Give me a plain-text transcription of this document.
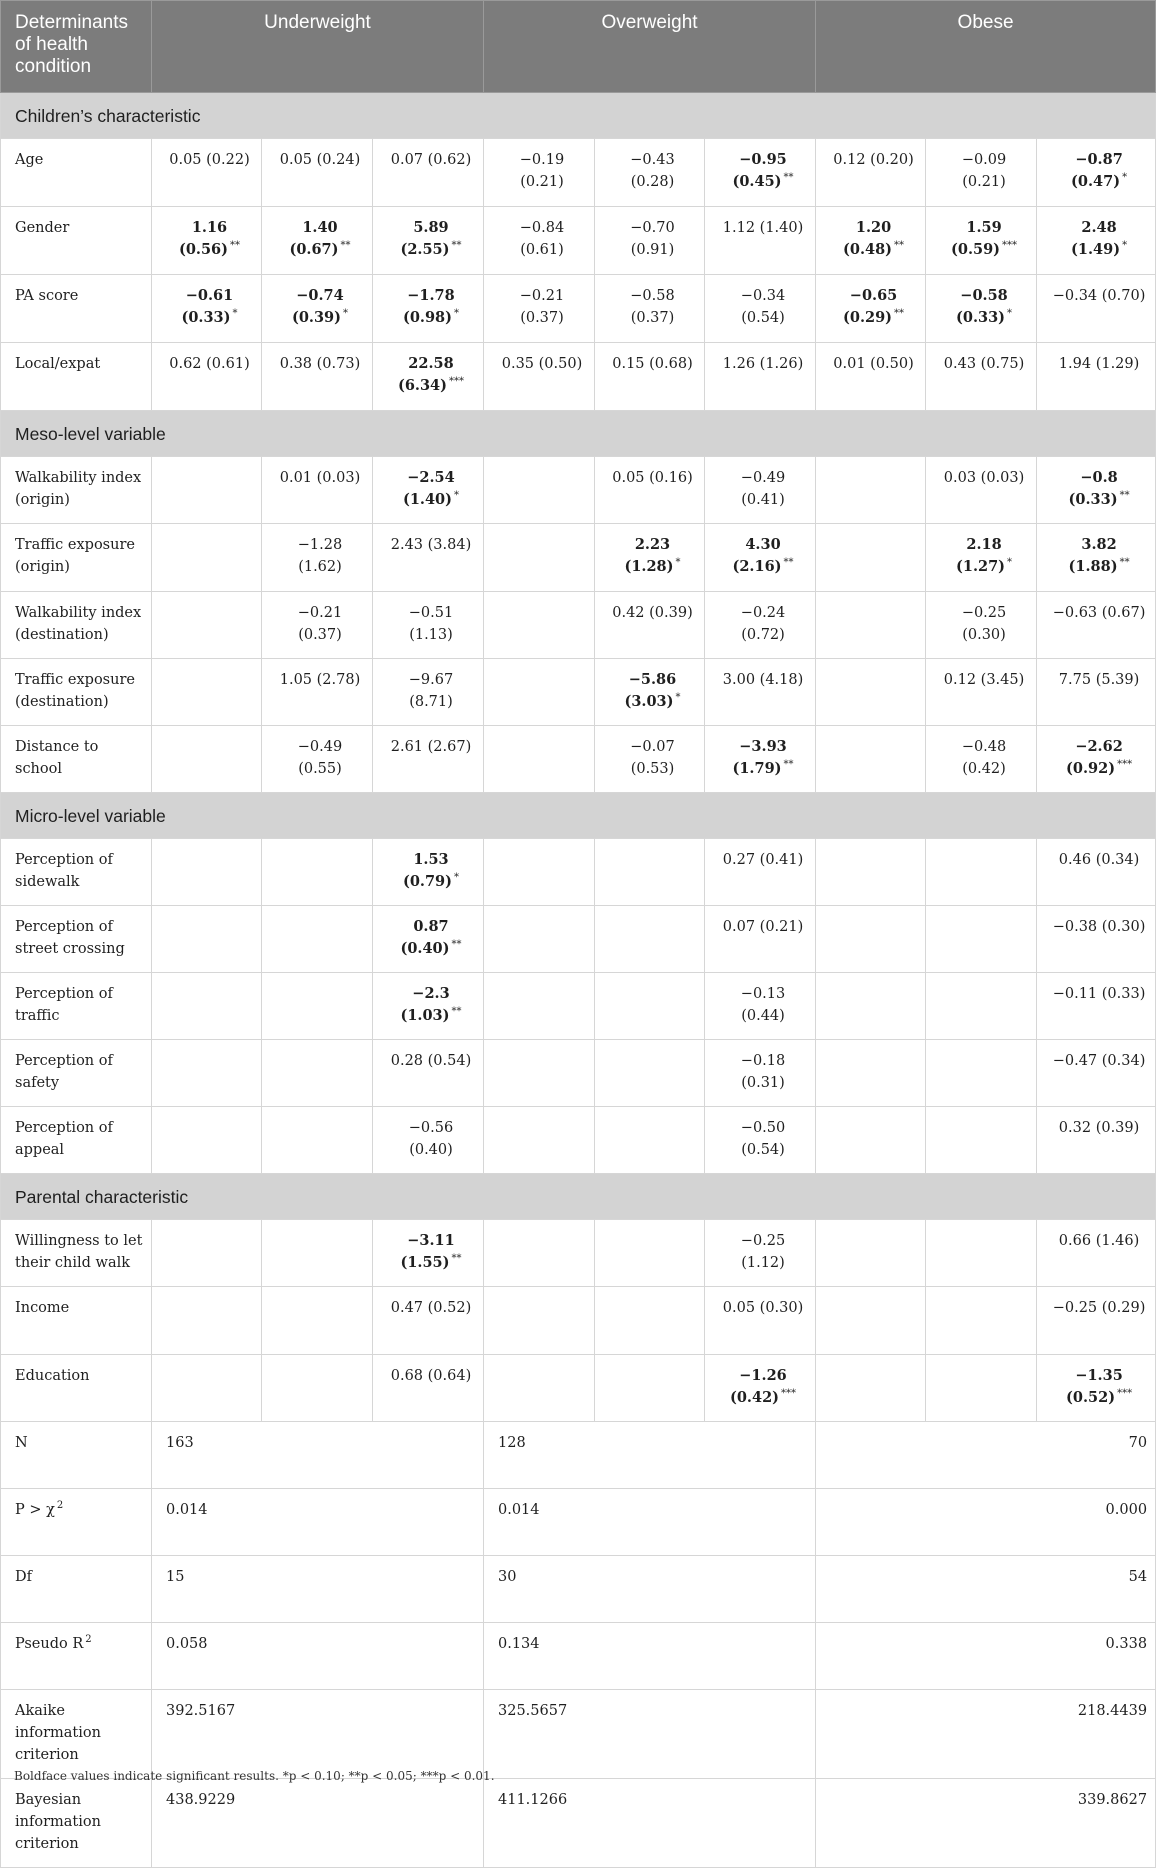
Determinants of health condition	Underweight			Overweight			Obese		
Children’s characteristic									
Age	0.05 (0.22)	0.05 (0.24)	0.07 (0.62)	−0.19 (0.21)	−0.43 (0.28)	−0.95 (0.45) **	0.12 (0.20)	−0.09 (0.21)	−0.87 (0.47) *
Gender	1.16 (0.56) **	1.40 (0.67) **	5.89 (2.55) **	−0.84 (0.61)	−0.70 (0.91)	1.12 (1.40)	1.20 (0.48) **	1.59 (0.59) ***	2.48 (1.49) *
PA score	−0.61 (0.33) *	−0.74 (0.39) *	−1.78 (0.98) *	−0.21 (0.37)	−0.58 (0.37)	−0.34 (0.54)	−0.65 (0.29) **	−0.58 (0.33) *	−0.34 (0.70)
Local/expat	0.62 (0.61)	0.38 (0.73)	22.58 (6.34) ***	0.35 (0.50)	0.15 (0.68)	1.26 (1.26)	0.01 (0.50)	0.43 (0.75)	1.94 (1.29)
Meso-level variable									
Walkability index (origin)		0.01 (0.03)	−2.54 (1.40) *		0.05 (0.16)	−0.49 (0.41)		0.03 (0.03)	−0.8 (0.33) **
Traffic exposure (origin)		−1.28 (1.62)	2.43 (3.84)		2.23 (1.28) *	4.30 (2.16) **		2.18 (1.27) *	3.82 (1.88) **
Walkability index (destination)		−0.21 (0.37)	−0.51 (1.13)		0.42 (0.39)	−0.24 (0.72)		−0.25 (0.30)	−0.63 (0.67)
Traffic exposure (destination)		1.05 (2.78)	−9.67 (8.71)		−5.86 (3.03) *	3.00 (4.18)		0.12 (3.45)	7.75 (5.39)
Distance to school		−0.49 (0.55)	2.61 (2.67)		−0.07 (0.53)	−3.93 (1.79) **		−0.48 (0.42)	−2.62 (0.92) ***
Micro-level variable									
Perception of sidewalk			1.53 (0.79) *			0.27 (0.41)			0.46 (0.34)
Perception of street crossing			0.87 (0.40) **			0.07 (0.21)			−0.38 (0.30)
Perception of traffic			−2.3 (1.03) **			−0.13 (0.44)			−0.11 (0.33)
Perception of safety			0.28 (0.54)			−0.18 (0.31)			−0.47 (0.34)
Perception of appeal			−0.56 (0.40)			−0.50 (0.54)			0.32 (0.39)
Parental characteristic									
Willingness to let their child walk			−3.11 (1.55) **			−0.25 (1.12)			0.66 (1.46)
Income			0.47 (0.52)			0.05 (0.30)			−0.25 (0.29)
Education			0.68 (0.64)			−1.26 (0.42) ***			−1.35 (0.52) ***
N	163			128			70		
P > χ $^2$	0.014			0.014			0.000		
Df	15			30			54		
Pseudo R $^2$	0.058			0.134			0.338		
Akaike information criterion	392.5167			325.5657			218.4439		
Bayesian information criterion	438.9229			411.1266			339.8627		
Boldface values indicate significant results. *p < 0.10; **p < 0.05; ***p < 0.01.
